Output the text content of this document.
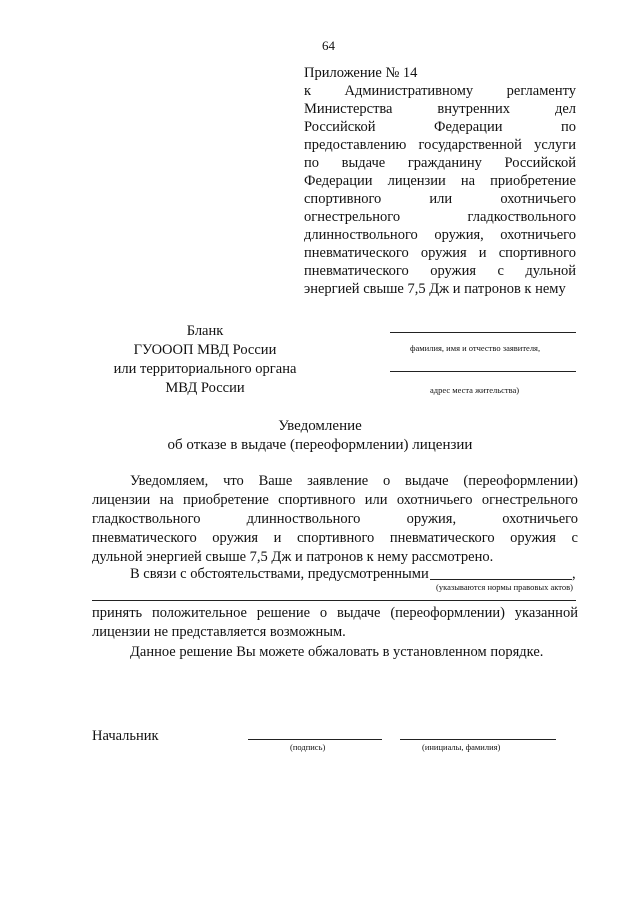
64
Приложение № 14
к Административному регламенту
Министерства	внутренних	дел
Российской	Федерации	по
предоставлению государственной услуги
по выдаче гражданину Российской
Федерации лицензии на приобретение
спортивного	или	охотничьего
огнестрельного	гладкоствольного
длинноствольного оружия, охотничьего
пневматического оружия и спортивного
пневматического оружия с дульной
энергией свыше 7,5 Дж и патронов к нему
Бланк
ГУОООП МВД России
или территориального органа
МВД России
фамилия, имя и отчество заявителя,
адрес места жительства)
Уведомление
об отказе в выдаче (переоформлении) лицензии
Уведомляем, что Ваше заявление о выдаче (переоформлении)
лицензии на приобретение спортивного или охотничьего огнестрельного
гладкоствольного	длинноствольного	оружия,	охотничьего
пневматического оружия и спортивного пневматического оружия с
дульной энергией свыше 7,5 Дж и патронов к нему рассмотрено.
В связи с обстоятельствами, предусмотренными	,
(указываются нормы правовых актов)
принять положительное решение о выдаче (переоформлении) указанной
лицензии не представляется возможным.
Данное решение Вы можете обжаловать в установленном порядке.
Начальник
(подпись)	(инициалы, фамилия)
